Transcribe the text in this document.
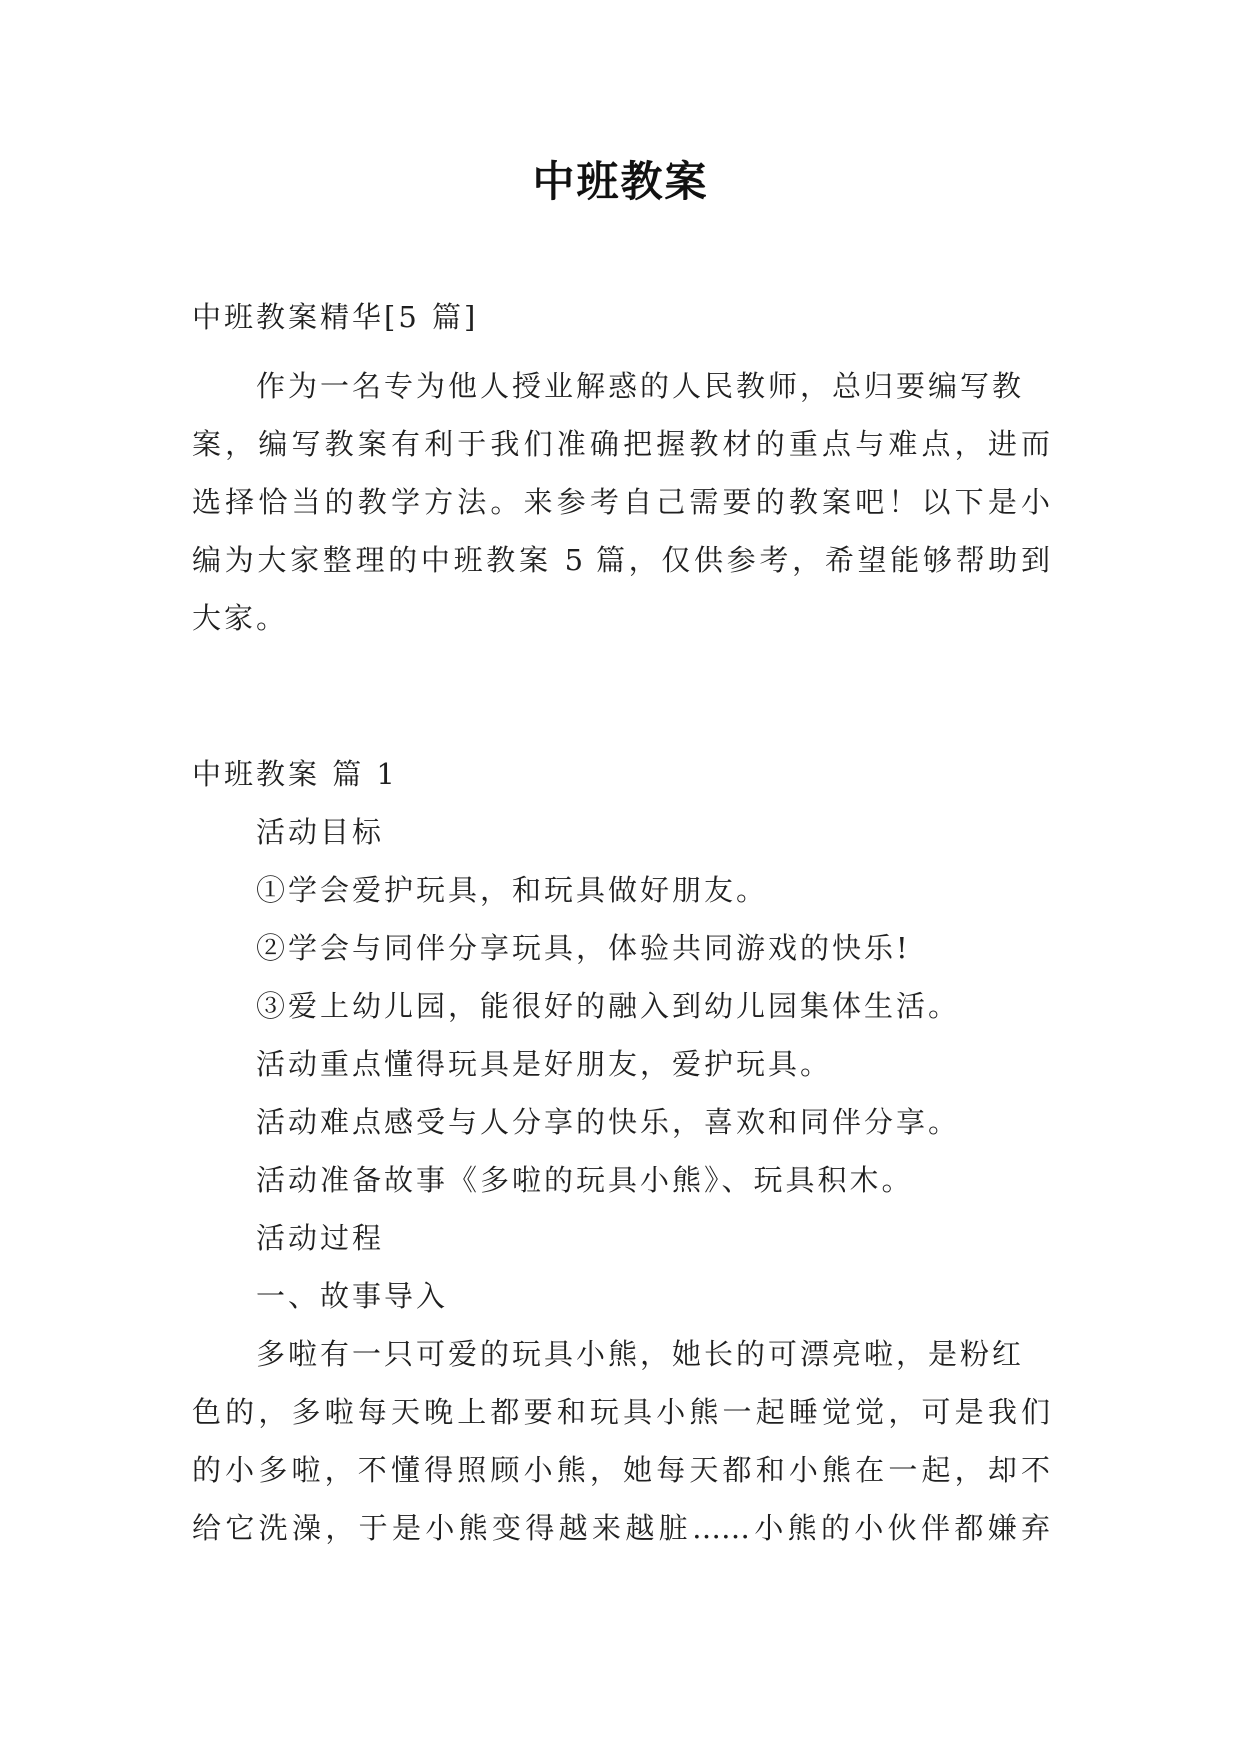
中班教案
中班教案精华[5 篇]
作为一名专为他人授业解惑的人民教师，总归要编写教
案，编写教案有利于我们准确把握教材的重点与难点，进而
选择恰当的教学方法。来参考自己需要的教案吧！以下是小
编为大家整理的中班教案 5 篇，仅供参考，希望能够帮助到
大家。
中班教案 篇 1
活动目标
①学会爱护玩具，和玩具做好朋友。
②学会与同伴分享玩具，体验共同游戏的快乐!
③爱上幼儿园，能很好的融入到幼儿园集体生活。
活动重点懂得玩具是好朋友，爱护玩具。
活动难点感受与人分享的快乐，喜欢和同伴分享。
活动准备故事《多啦的玩具小熊》、玩具积木。
活动过程
一、故事导入
多啦有一只可爱的玩具小熊，她长的可漂亮啦，是粉红
色的，多啦每天晚上都要和玩具小熊一起睡觉觉，可是我们
的小多啦，不懂得照顾小熊，她每天都和小熊在一起，却不
给它洗澡，于是小熊变得越来越脏……小熊的小伙伴都嫌弃
